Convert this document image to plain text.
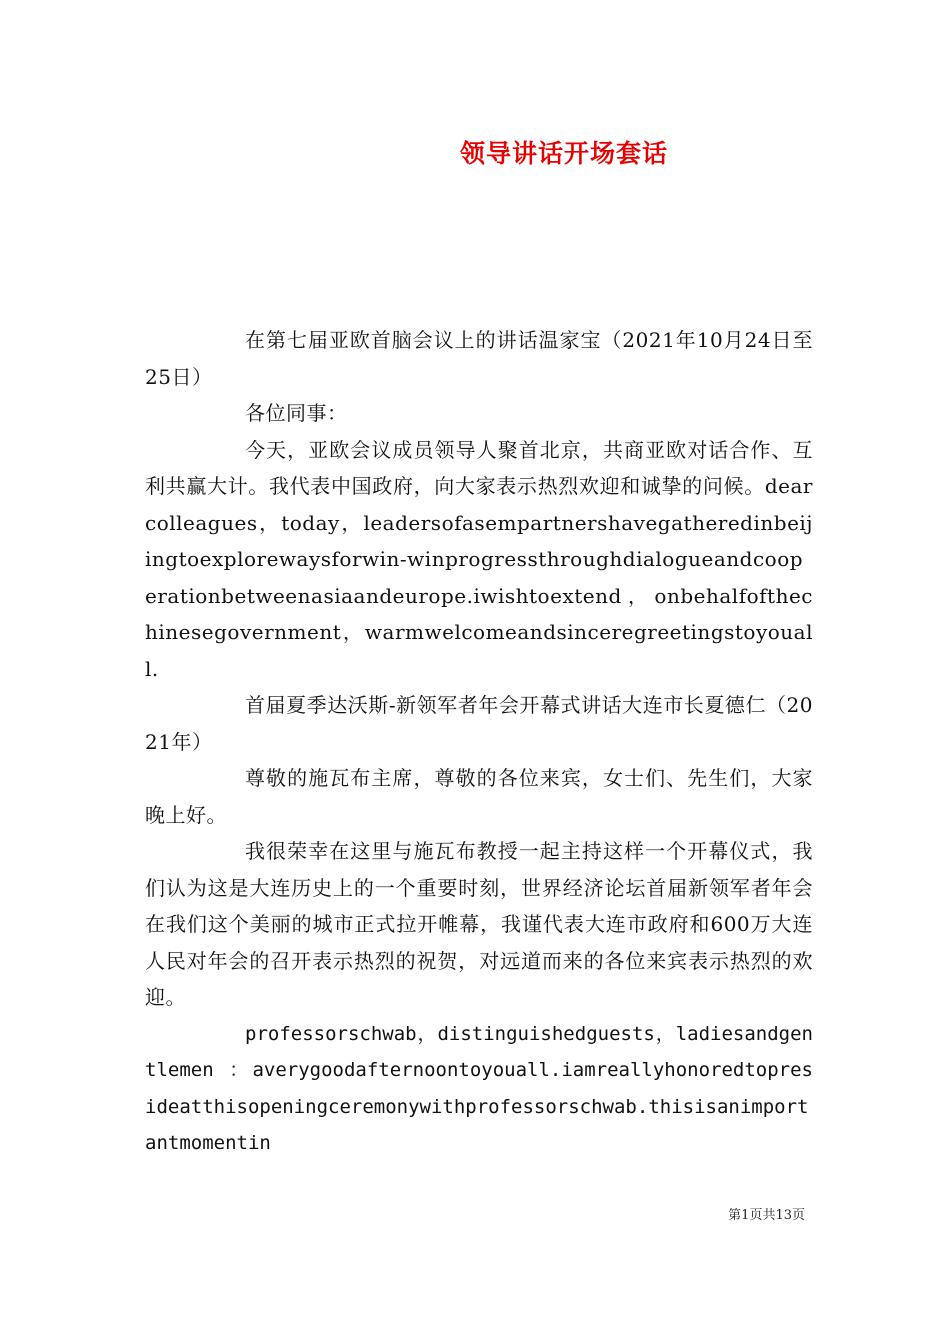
领导讲话开场套话

在第七届亚欧首脑会议上的讲话温家宝（2021年10月24日至25日）

各位同事：

今天，亚欧会议成员领导人聚首北京，共商亚欧对话合作、互利共赢大计。我代表中国政府，向大家表示热烈欢迎和诚挚的问候。dearcolleagues，today，leadersofasempartnershavegatheredinbeijingtoexplorewaysforwin-winprogressthroughdialogueandcooperationbetweenasiaandeurope.iwishtoextend，onbehalfofthechinesegovernment，warmwelcomeandsinceregreetingstoyouall.

首届夏季达沃斯-新领军者年会开幕式讲话大连市长夏德仁（2021年）

尊敬的施瓦布主席，尊敬的各位来宾，女士们、先生们，大家晚上好。

我很荣幸在这里与施瓦布教授一起主持这样一个开幕仪式，我们认为这是大连历史上的一个重要时刻，世界经济论坛首届新领军者年会在我们这个美丽的城市正式拉开帷幕，我谨代表大连市政府和600万大连人民对年会的召开表示热烈的祝贺，对远道而来的各位来宾表示热烈的欢迎。

professorschwab，distinguishedguests，ladiesandgentlemen ：averygoodafternoontoyouall.iamreallyhonoredtopresideatthisopeningceremonywithprofessorschwab.thisisanimportantmomentin

第1页共13页
